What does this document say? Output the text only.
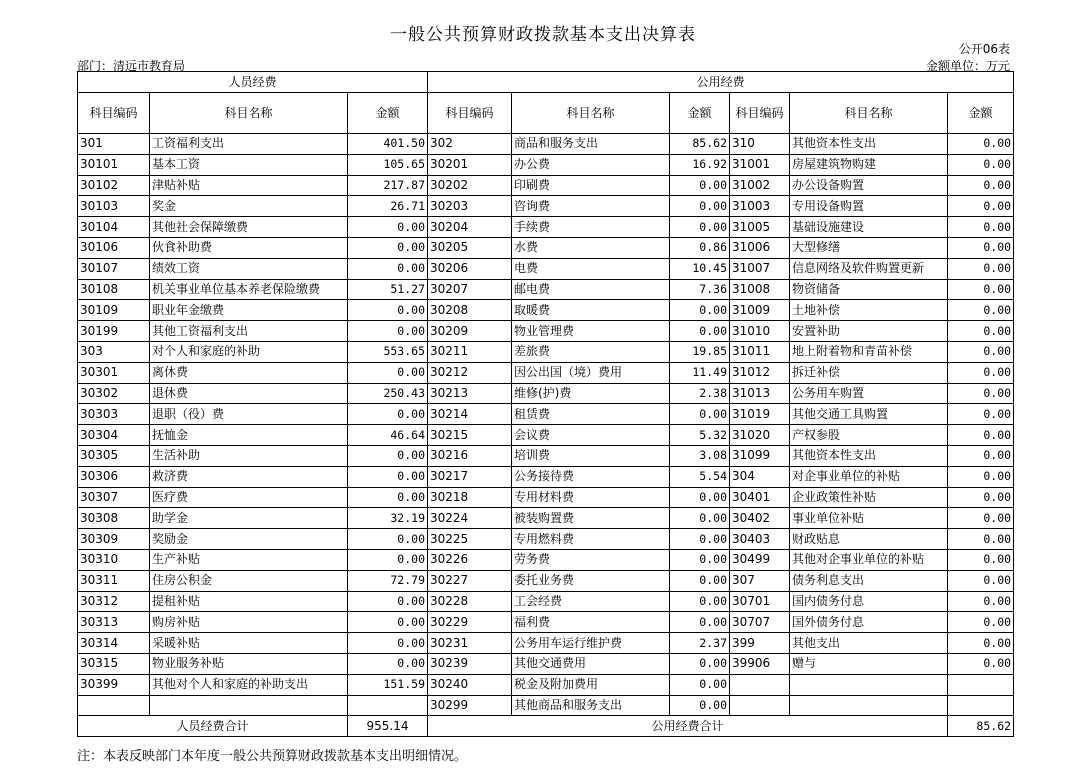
一般公共预算财政拨款基本支出决算表
公开06表
部门：清远市教育局	金额单位：万元
人员经费			公用经费					
科目编码	科目名称	金额	科目编码	科目名称	金额	科目编码	科目名称	金额
301	工资福利支出	401.50	302	商品和服务支出	85.62	310	其他资本性支出	0.00
30101	基本工资	105.65	30201	办公费	16.92	31001	房屋建筑物购建	0.00
30102	津贴补贴	217.87	30202	印刷费	0.00	31002	办公设备购置	0.00
30103	奖金	26.71	30203	咨询费	0.00	31003	专用设备购置	0.00
30104	其他社会保障缴费	0.00	30204	手续费	0.00	31005	基础设施建设	0.00
30106	伙食补助费	0.00	30205	水费	0.86	31006	大型修缮	0.00
30107	绩效工资	0.00	30206	电费	10.45	31007	信息网络及软件购置更新	0.00
30108	机关事业单位基本养老保险缴费	51.27	30207	邮电费	7.36	31008	物资储备	0.00
30109	职业年金缴费	0.00	30208	取暖费	0.00	31009	土地补偿	0.00
30199	其他工资福利支出	0.00	30209	物业管理费	0.00	31010	安置补助	0.00
303	对个人和家庭的补助	553.65	30211	差旅费	19.85	31011	地上附着物和青苗补偿	0.00
30301	离休费	0.00	30212	因公出国（境）费用	11.49	31012	拆迁补偿	0.00
30302	退休费	250.43	30213	维修(护)费	2.38	31013	公务用车购置	0.00
30303	退职（役）费	0.00	30214	租赁费	0.00	31019	其他交通工具购置	0.00
30304	抚恤金	46.64	30215	会议费	5.32	31020	产权参股	0.00
30305	生活补助	0.00	30216	培训费	3.08	31099	其他资本性支出	0.00
30306	救济费	0.00	30217	公务接待费	5.54	304	对企事业单位的补贴	0.00
30307	医疗费	0.00	30218	专用材料费	0.00	30401	企业政策性补贴	0.00
30308	助学金	32.19	30224	被装购置费	0.00	30402	事业单位补贴	0.00
30309	奖励金	0.00	30225	专用燃料费	0.00	30403	财政贴息	0.00
30310	生产补贴	0.00	30226	劳务费	0.00	30499	其他对企事业单位的补贴	0.00
30311	住房公积金	72.79	30227	委托业务费	0.00	307	债务利息支出	0.00
30312	提租补贴	0.00	30228	工会经费	0.00	30701	国内债务付息	0.00
30313	购房补贴	0.00	30229	福利费	0.00	30707	国外债务付息	0.00
30314	采暖补贴	0.00	30231	公务用车运行维护费	2.37	399	其他支出	0.00
30315	物业服务补贴	0.00	30239	其他交通费用	0.00	39906	赠与	0.00
30399	其他对个人和家庭的补助支出	151.59	30240	税金及附加费用	0.00			
			30299	其他商品和服务支出	0.00			
人员经费合计		955.14	公用经费合计					85.62
注：本表反映部门本年度一般公共预算财政拨款基本支出明细情况。
